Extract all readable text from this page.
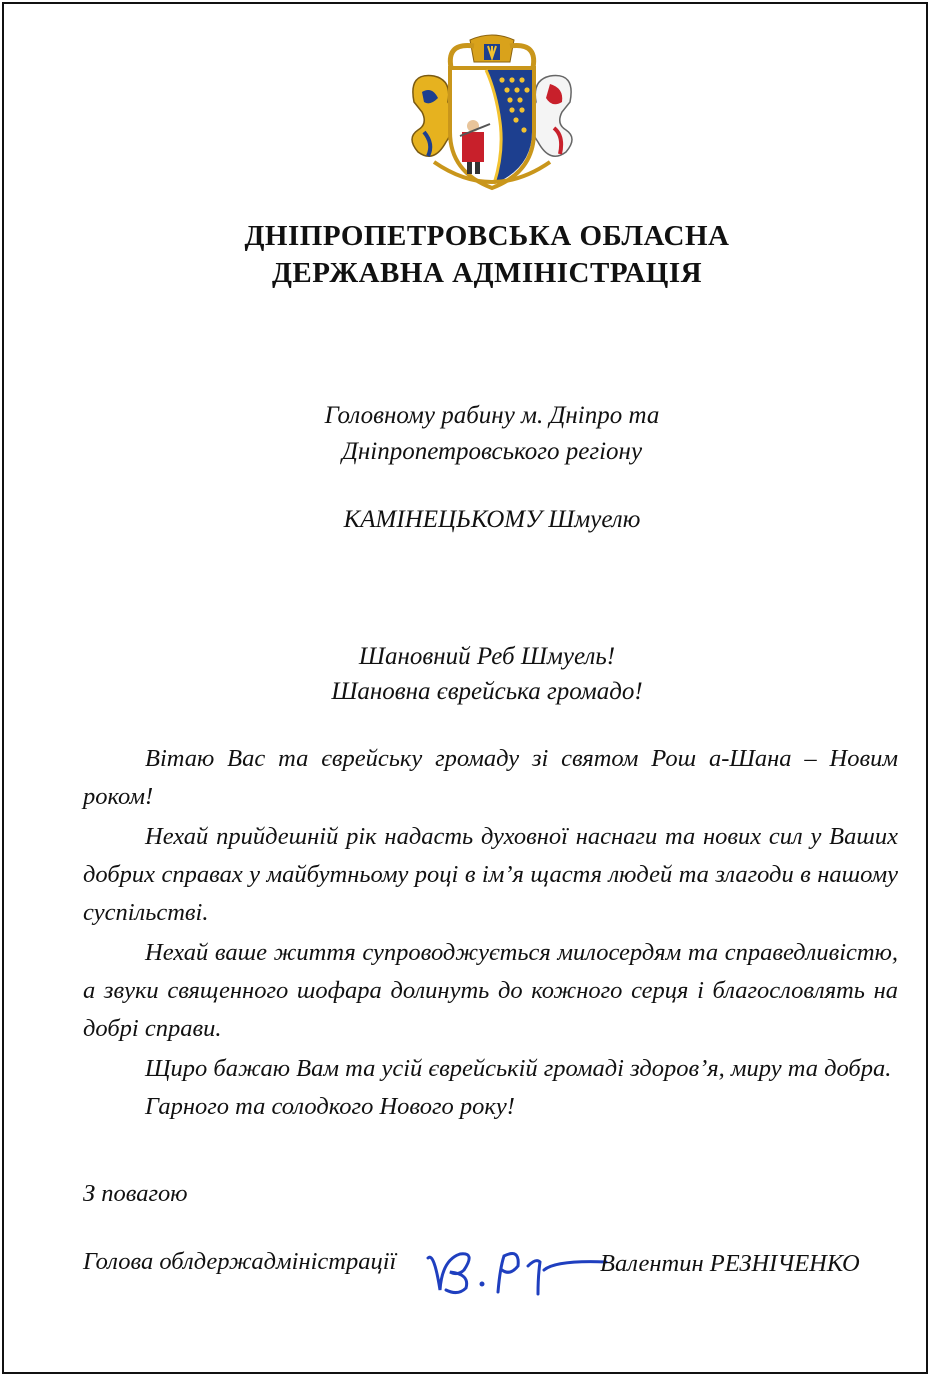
ДНІПРОПЕТРОВСЬКА ОБЛАСНА
ДЕРЖАВНА АДМІНІСТРАЦІЯ
Головному рабину м. Дніпро та
Дніпропетровського регіону
КАМІНЕЦЬКОМУ Шмуелю
Шановний Реб Шмуель!
Шановна єврейська громадо!

Вітаю Вас та єврейську громаду зі святом Рош а-Шана – Новим роком!

Нехай прийдешній рік надасть духовної наснаги та нових сил у Ваших добрих справах у майбутньому році в ім’я щастя людей та злагоди в нашому суспільстві.

Нехай ваше життя супроводжується милосердям та справедливістю, а звуки священного шофара долинуть до кожного серця і благословлять на добрі справи.

Щиро бажаю Вам та усій єврейській громаді здоров’я, миру та добра.

Гарного та солодкого Нового року!

З повагою
Голова облдержадміністрації	Валентин РЕЗНІЧЕНКО
